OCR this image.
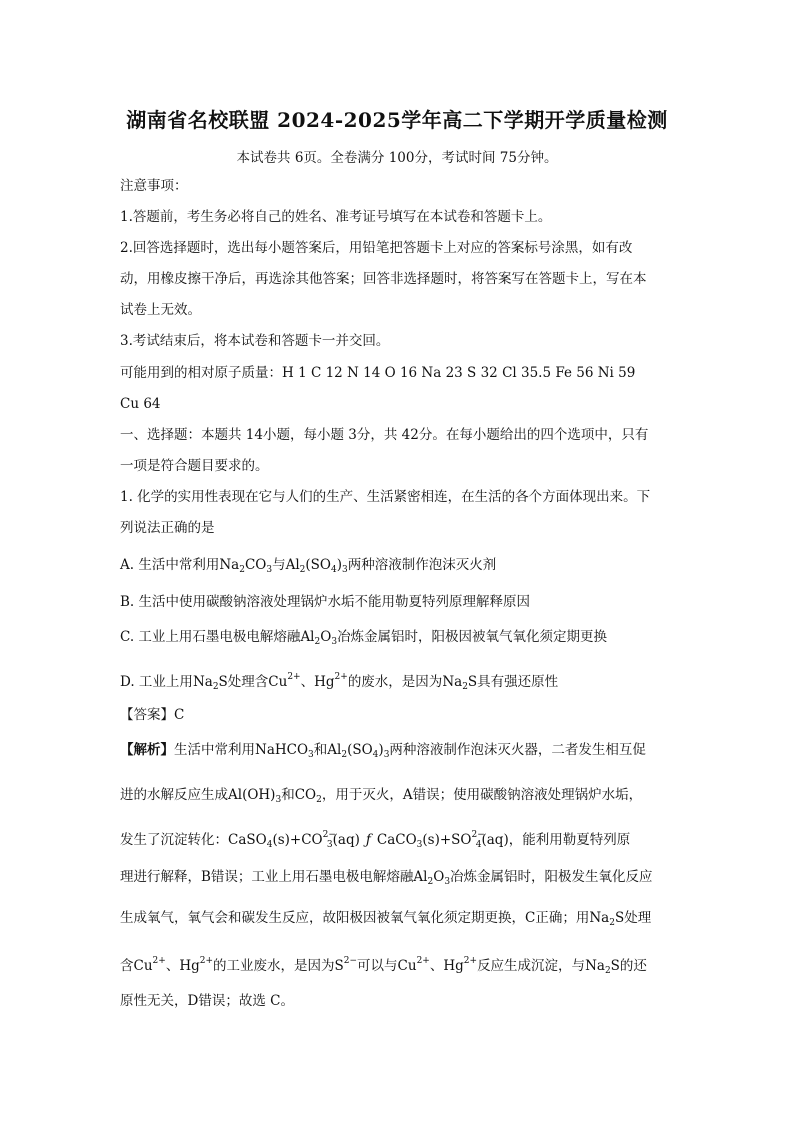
湖南省名校联盟 2024-2025学年高二下学期开学质量检测
本试卷共 6页。全卷满分 100分，考试时间 75分钟。
注意事项：
1.答题前，考生务必将自己的姓名、准考证号填写在本试卷和答题卡上。
2.回答选择题时，选出每小题答案后，用铅笔把答题卡上对应的答案标号涂黑，如有改
动，用橡皮擦干净后，再选涂其他答案；回答非选择题时，将答案写在答题卡上，写在本
试卷上无效。
3.考试结束后，将本试卷和答题卡一并交回。
可能用到的相对原子质量：H 1 C 12 N 14 O 16 Na 23 S 32 Cl 35.5 Fe 56 Ni 59
Cu 64
一、选择题：本题共 14小题，每小题 3分，共 42分。在每小题给出的四个选项中，只有
一项是符合题目要求的。
1. 化学的实用性表现在它与人们的生产、生活紧密相连，在生活的各个方面体现出来。下
列说法正确的是
A. 生活中常利用$Na_2CO_3$与$Al_2(SO_4)_3$两种溶液制作泡沫灭火剂
B. 生活中使用碳酸钠溶液处理锅炉水垢不能用勒夏特列原理解释原因
C. 工业上用石墨电极电解熔融$Al_2O_3$冶炼金属铝时，阳极因被氧气氧化须定期更换
D. 工业上用$Na_2S$处理含$Cu^{2+}$、$Hg^{2+}$的废水，是因为$Na_2S$具有强还原性
【答案】C
【解析】生活中常利用NaHCO$_3$和$Al_2(SO_4)_3$两种溶液制作泡沫灭火器，二者发生相互促
进的水解反应生成$Al(OH)_3$和$CO_2$，用于灭火，A错误；使用碳酸钠溶液处理锅炉水垢，
发生了沉淀转化：$CaSO_4(s)+CO^{2-}_3(aq)$ ƒ $CaCO_3(s)+SO^{2-}_4(aq)$，能利用勒夏特列原
理进行解释，B错误；工业上用石墨电极电解熔融$Al_2O_3$冶炼金属铝时，阳极发生氧化反应
生成氧气，氧气会和碳发生反应，故阳极因被氧气氧化须定期更换，C正确；用$Na_2S$处理
含$Cu^{2+}$、$Hg^{2+}$的工业废水，是因为$S^{2-}$可以与$Cu^{2+}$、$Hg^{2+}$反应生成沉淀，与$Na_2S$的还
原性无关，D错误；故选 C。
